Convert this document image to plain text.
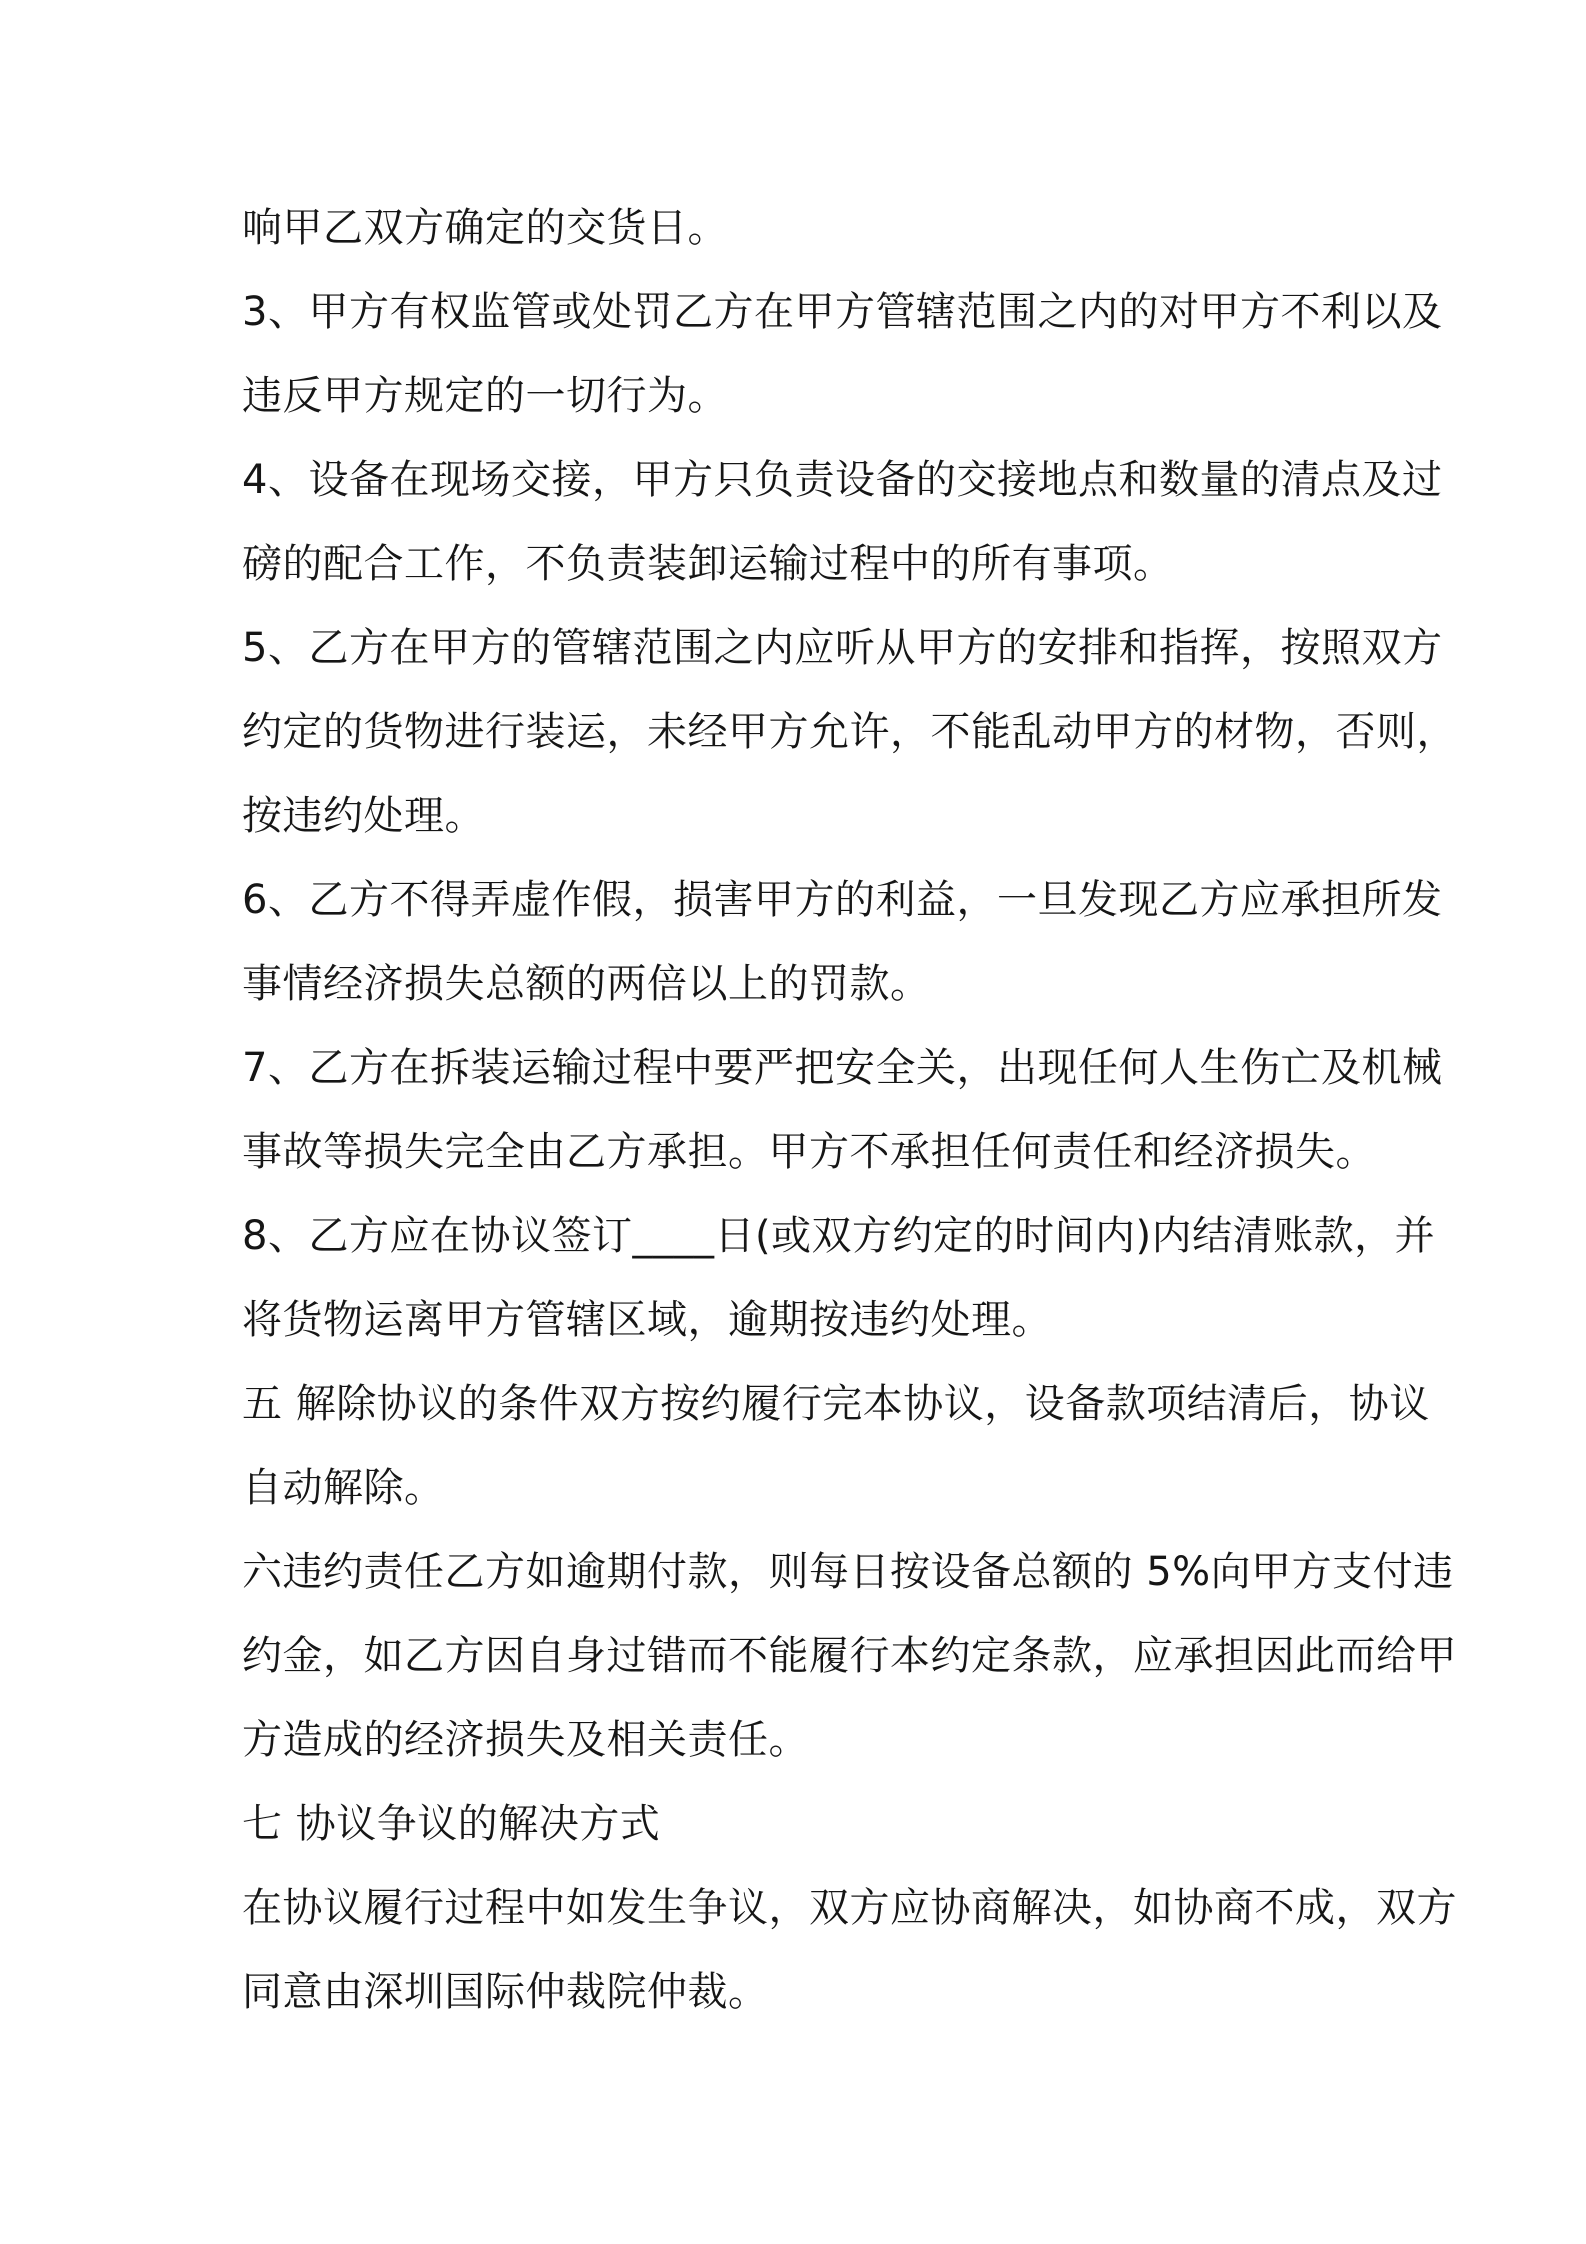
响甲乙双方确定的交货日。
3、甲方有权监管或处罚乙方在甲方管辖范围之内的对甲方不利以及
违反甲方规定的一切行为。
4、设备在现场交接，甲方只负责设备的交接地点和数量的清点及过
磅的配合工作，不负责装卸运输过程中的所有事项。
5、乙方在甲方的管辖范围之内应听从甲方的安排和指挥，按照双方
约定的货物进行装运，未经甲方允许，不能乱动甲方的材物，否则，
按违约处理。
6、乙方不得弄虚作假，损害甲方的利益，一旦发现乙方应承担所发
事情经济损失总额的两倍以上的罚款。
7、乙方在拆装运输过程中要严把安全关，出现任何人生伤亡及机械
事故等损失完全由乙方承担。甲方不承担任何责任和经济损失。
8、乙方应在协议签订____日(或双方约定的时间内)内结清账款，并
将货物运离甲方管辖区域，逾期按违约处理。
五 解除协议的条件双方按约履行完本协议，设备款项结清后，协议
自动解除。
六违约责任乙方如逾期付款，则每日按设备总额的 5%向甲方支付违
约金，如乙方因自身过错而不能履行本约定条款，应承担因此而给甲
方造成的经济损失及相关责任。
七 协议争议的解决方式
在协议履行过程中如发生争议，双方应协商解决，如协商不成，双方
同意由深圳国际仲裁院仲裁。
